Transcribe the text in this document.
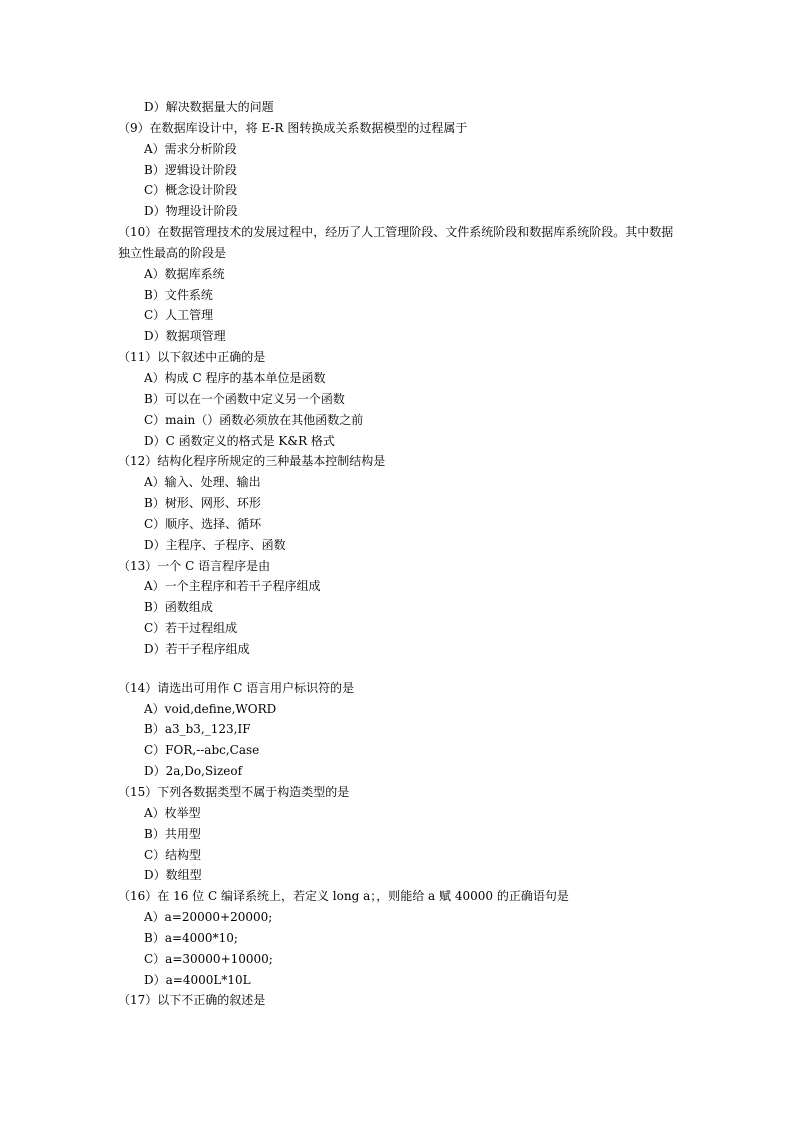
D）解决数据量大的问题
（9）在数据库设计中，将 E-R 图转换成关系数据模型的过程属于
A）需求分析阶段
B）逻辑设计阶段
C）概念设计阶段
D）物理设计阶段
（10）在数据管理技术的发展过程中，经历了人工管理阶段、文件系统阶段和数据库系统阶段。其中数据
独立性最高的阶段是
A）数据库系统
B）文件系统
C）人工管理
D）数据项管理
（11）以下叙述中正确的是
A）构成 C 程序的基本单位是函数
B）可以在一个函数中定义另一个函数
C）main（）函数必须放在其他函数之前
D）C 函数定义的格式是 K&R 格式
（12）结构化程序所规定的三种最基本控制结构是
A）输入、处理、输出
B）树形、网形、环形
C）顺序、选择、循环
D）主程序、子程序、函数
（13）一个 C 语言程序是由
A）一个主程序和若干子程序组成
B）函数组成
C）若干过程组成
D）若干子程序组成
（14）请选出可用作 C 语言用户标识符的是
A）void,define,WORD
B）a3_b3,_123,IF
C）FOR,--abc,Case
D）2a,Do,Sizeof
（15）下列各数据类型不属于构造类型的是
A）枚举型
B）共用型
C）结构型
D）数组型
（16）在 16 位 C 编译系统上，若定义 long a；，则能给 a 赋 40000 的正确语句是
A）a=20000+20000;
B）a=4000*10;
C）a=30000+10000;
D）a=4000L*10L
（17）以下不正确的叙述是
